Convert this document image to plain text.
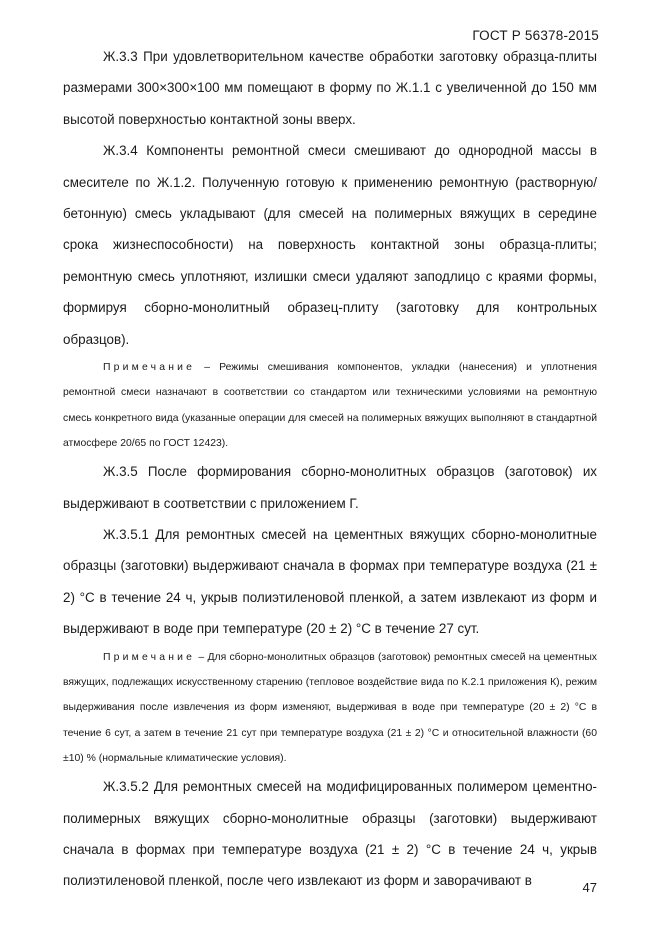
ГОСТ Р 56378-2015

Ж.3.3 При удовлетворительном качестве обработки заготовку образца-плиты размерами 300×300×100 мм помещают в форму по Ж.1.1 с увеличенной до 150 мм высотой поверхностью контактной зоны вверх.

Ж.3.4 Компоненты ремонтной смеси смешивают до однородной массы в смесителе по Ж.1.2. Полученную готовую к применению ремонтную (растворную/бетонную) смесь укладывают (для смесей на полимерных вяжущих в середине срока жизнеспособности) на поверхность контактной зоны образца-плиты; ремонтную смесь уплотняют, излишки смеси удаляют заподлицо с краями формы, формируя сборно-монолитный образец-плиту (заготовку для контрольных образцов).

Примечание – Режимы смешивания компонентов, укладки (нанесения) и уплотнения ремонтной смеси назначают в соответствии со стандартом или техническими условиями на ремонтную смесь конкретного вида (указанные операции для смесей на полимерных вяжущих выполняют в стандартной атмосфере 20/65 по ГОСТ 12423).

Ж.3.5 После формирования сборно-монолитных образцов (заготовок) их выдерживают в соответствии с приложением Г.

Ж.3.5.1 Для ремонтных смесей на цементных вяжущих сборно-монолитные образцы (заготовки) выдерживают сначала в формах при температуре воздуха (21 ± 2) °С в течение 24 ч, укрыв полиэтиленовой пленкой, а затем извлекают из форм и выдерживают в воде при температуре (20 ± 2) °С в течение 27 сут.

Примечание – Для сборно-монолитных образцов (заготовок) ремонтных смесей на цементных вяжущих, подлежащих искусственному старению (тепловое воздействие вида по К.2.1 приложения К), режим выдерживания после извлечения из форм изменяют, выдерживая в воде при температуре (20 ± 2) °С в течение 6 сут, а затем в течение 21 сут при температуре воздуха (21 ± 2) °С и относительной влажности (60 ±10) % (нормальные климатические условия).

Ж.3.5.2 Для ремонтных смесей на модифицированных полимером цементно-полимерных вяжущих сборно-монолитные образцы (заготовки) выдерживают сначала в формах при температуре воздуха (21 ± 2) °С в течение 24 ч, укрыв полиэтиленовой пленкой, после чего извлекают из форм и заворачивают в	47
